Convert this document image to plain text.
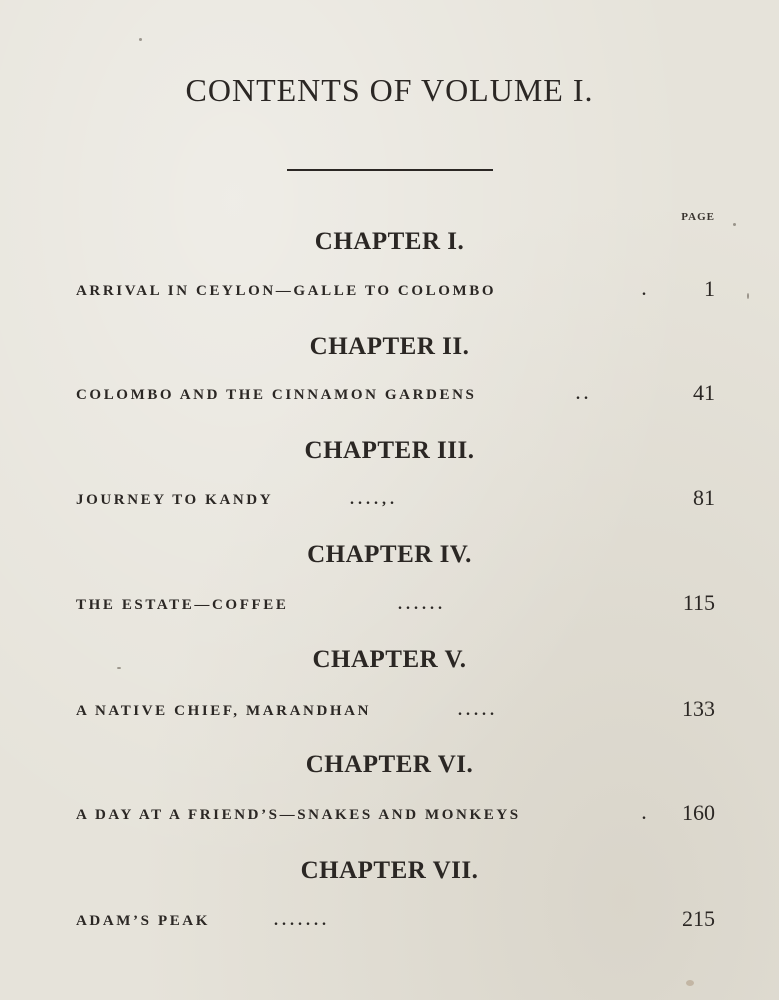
CONTENTS OF VOLUME I.
PAGE
CHAPTER I.
ARRIVAL IN CEYLON—GALLE TO COLOMBO	.	1
CHAPTER II.
COLOMBO AND THE CINNAMON GARDENS	. .	41
CHAPTER III.
JOURNEY TO KANDY	. . . . , .	81
CHAPTER IV.
THE ESTATE—COFFEE	. . . . . .	115
CHAPTER V.
A NATIVE CHIEF, MARANDHAN	. . . . .	133
CHAPTER VI.
A DAY AT A FRIEND’S—SNAKES AND MONKEYS	. 160
CHAPTER VII.
ADAM’S PEAK	. . . . . . .	215
